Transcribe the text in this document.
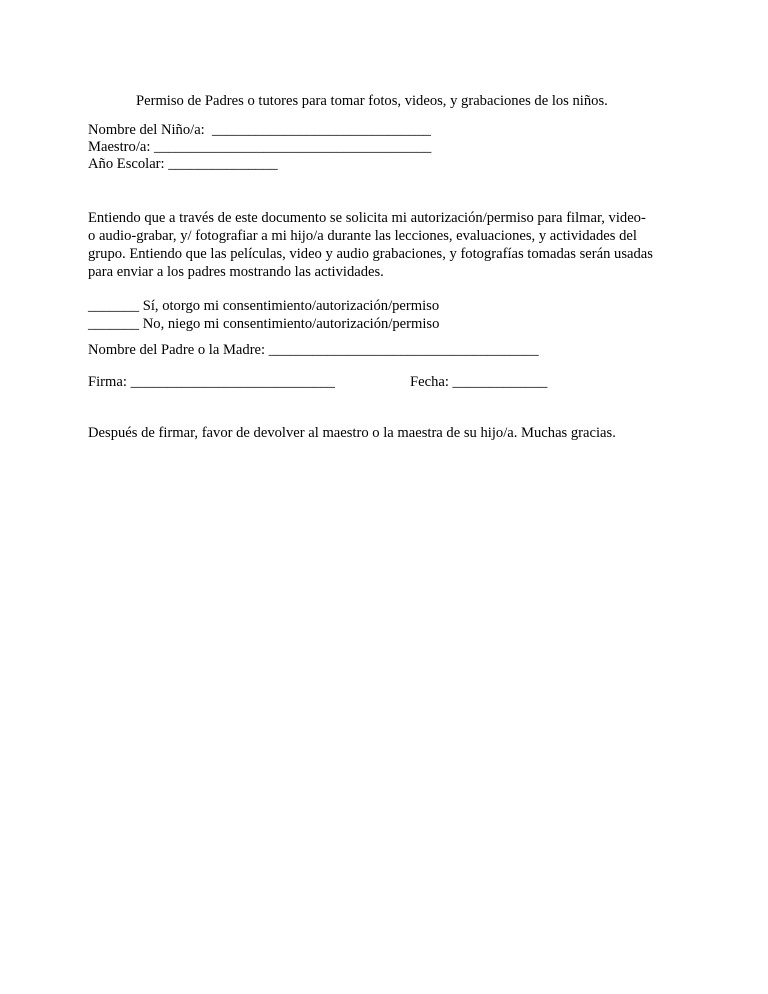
Permiso de Padres o tutores para tomar fotos, videos, y grabaciones de los niños.
Nombre del Niño/a:  ______________________________
Maestro/a: ______________________________________
Año Escolar: _______________
Entiendo que a través de este documento se solicita mi autorización/permiso para filmar, video-
o audio-grabar, y/ fotografiar a mi hijo/a durante las lecciones, evaluaciones, y actividades del
grupo. Entiendo que las películas, video y audio grabaciones, y fotografías tomadas serán usadas
para enviar a los padres mostrando las actividades.
_______ Sí, otorgo mi consentimiento/autorización/permiso
_______ No, niego mi consentimiento/autorización/permiso
Nombre del Padre o la Madre: _____________________________________
Firma: ____________________________	Fecha: _____________
Después de firmar, favor de devolver al maestro o la maestra de su hijo/a. Muchas gracias.
